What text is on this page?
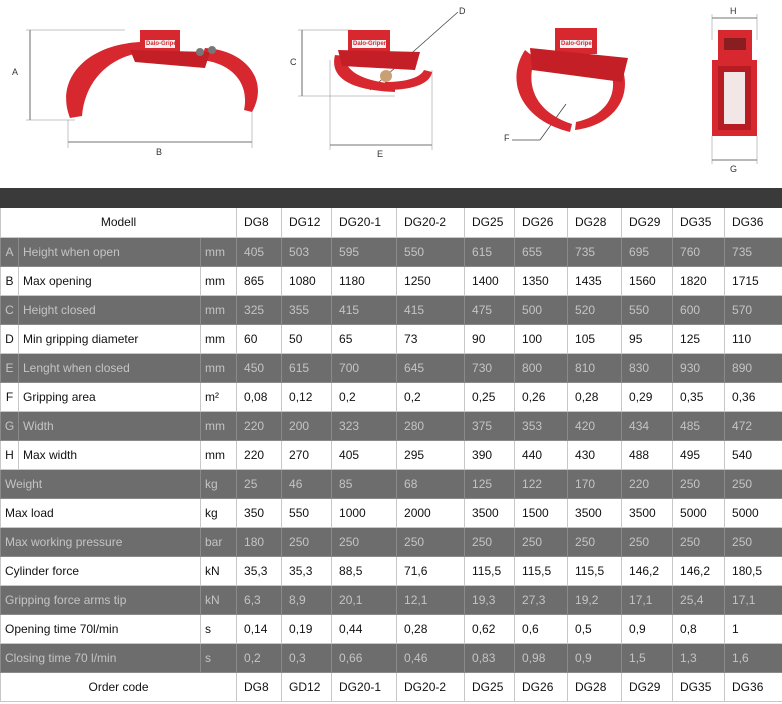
A
B
C
D
E
F
G
H
Dalo-Gripen	Dalo-Gripen	Dalo-Gripen
Modell			DG8	DG12	DG20-1	DG20-2	DG25	DG26	DG28	DG29	DG35	DG36
A	Height when open	mm	405	503	595	550	615	655	735	695	760	735
B	Max opening	mm	865	1080	1180	1250	1400	1350	1435	1560	1820	1715
C	Height closed	mm	325	355	415	415	475	500	520	550	600	570
D	Min gripping diameter	mm	60	50	65	73	90	100	105	95	125	110
E	Lenght when closed	mm	450	615	700	645	730	800	810	830	930	890
F	Gripping area	m²	0,08	0,12	0,2	0,2	0,25	0,26	0,28	0,29	0,35	0,36
G	Width	mm	220	200	323	280	375	353	420	434	485	472
H	Max width	mm	220	270	405	295	390	440	430	488	495	540
Weight		kg	25	46	85	68	125	122	170	220	250	250
Max load		kg	350	550	1000	2000	3500	1500	3500	3500	5000	5000
Max working pressure		bar	180	250	250	250	250	250	250	250	250	250
Cylinder force		kN	35,3	35,3	88,5	71,6	115,5	115,5	115,5	146,2	146,2	180,5
Gripping force arms tip		kN	6,3	8,9	20,1	12,1	19,3	27,3	19,2	17,1	25,4	17,1
Opening time 70l/min		s	0,14	0,19	0,44	0,28	0,62	0,6	0,5	0,9	0,8	1
Closing time 70 l/min		s	0,2	0,3	0,66	0,46	0,83	0,98	0,9	1,5	1,3	1,6
Order code			DG8	GD12	DG20-1	DG20-2	DG25	DG26	DG28	DG29	DG35	DG36
